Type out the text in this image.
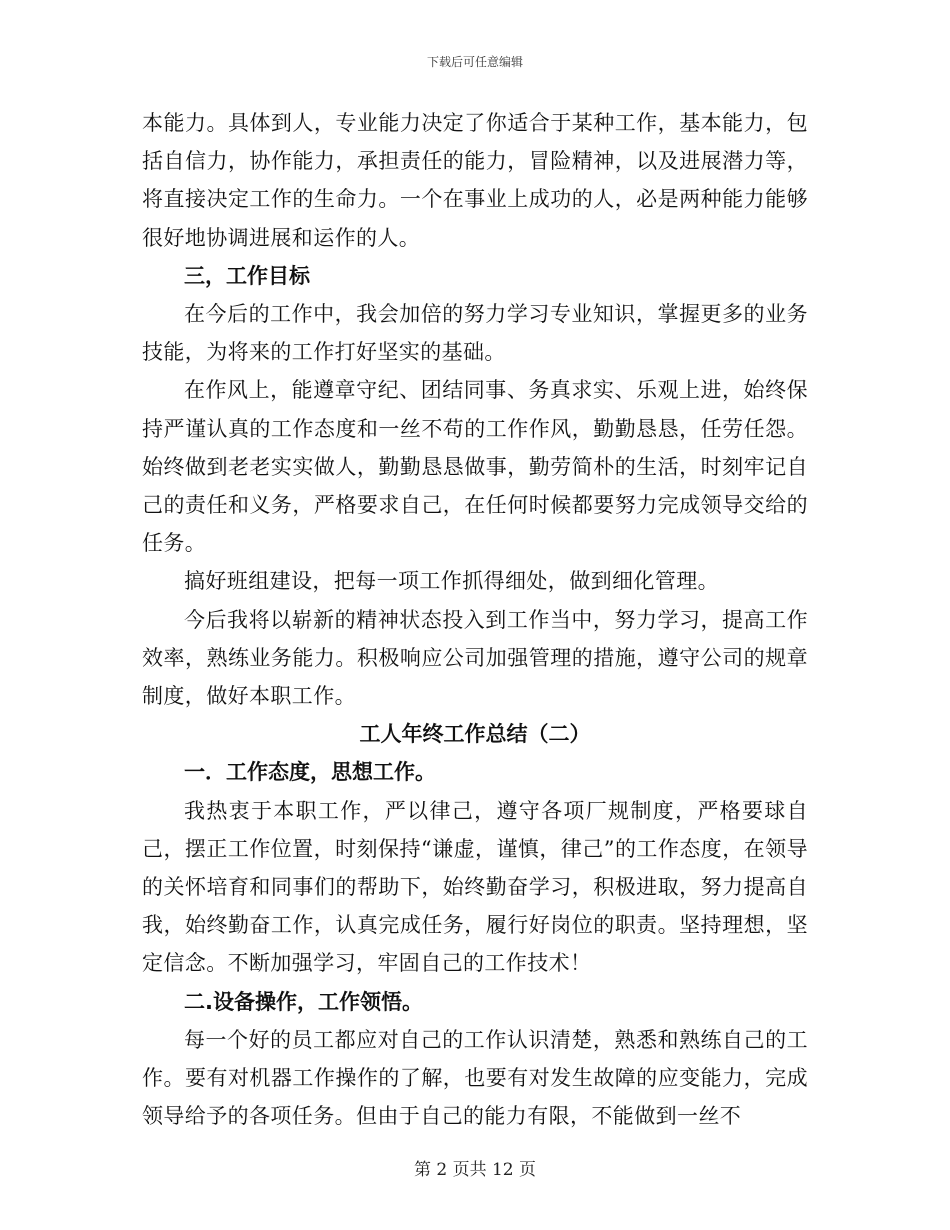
下载后可任意编辑

本能力。具体到人，专业能力决定了你适合于某种工作，基本能力，包括自信力，协作能力，承担责任的能力，冒险精神，以及进展潜力等，将直接决定工作的生命力。一个在事业上成功的人，必是两种能力能够很好地协调进展和运作的人。

三，工作目标

在今后的工作中，我会加倍的努力学习专业知识，掌握更多的业务技能，为将来的工作打好坚实的基础。

在作风上，能遵章守纪、团结同事、务真求实、乐观上进，始终保持严谨认真的工作态度和一丝不苟的工作作风，勤勤恳恳，任劳任怨。始终做到老老实实做人，勤勤恳恳做事，勤劳简朴的生活，时刻牢记自己的责任和义务，严格要求自己，在任何时候都要努力完成领导交给的任务。

搞好班组建设，把每一项工作抓得细处，做到细化管理。

今后我将以崭新的精神状态投入到工作当中，努力学习，提高工作效率，熟练业务能力。积极响应公司加强管理的措施，遵守公司的规章制度，做好本职工作。

工人年终工作总结（二）

一．工作态度，思想工作。

我热衷于本职工作，严以律己，遵守各项厂规制度，严格要球自己，摆正工作位置，时刻保持“谦虚，谨慎，律己”的工作态度，在领导的关怀培育和同事们的帮助下，始终勤奋学习，积极进取，努力提高自我，始终勤奋工作，认真完成任务，履行好岗位的职责。坚持理想，坚定信念。不断加强学习，牢固自己的工作技术！

二.设备操作，工作领悟。

每一个好的员工都应对自己的工作认识清楚，熟悉和熟练自己的工作。要有对机器工作操作的了解，也要有对发生故障的应变能力，完成领导给予的各项任务。但由于自己的能力有限，不能做到一丝不

第 2 页共 12 页
